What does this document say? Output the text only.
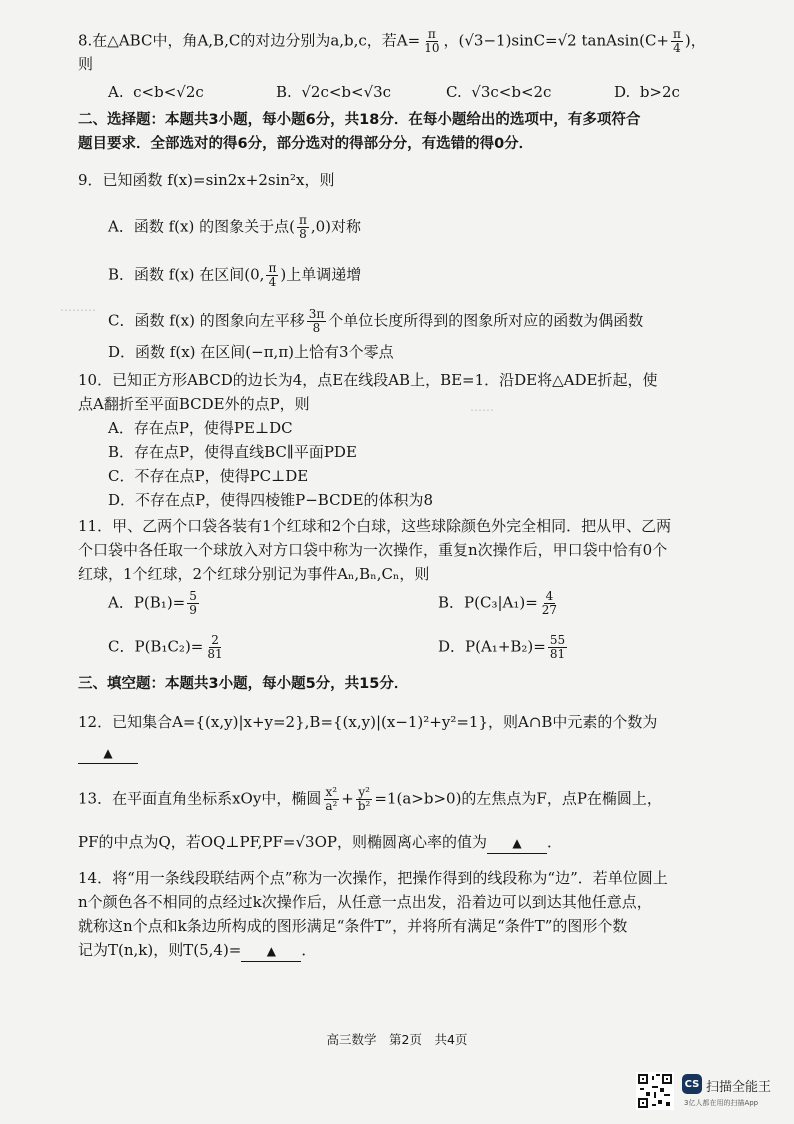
………
……
8.在△ABC中，角A,B,C的对边分别为a,b,c，若$A= \frac{\pi}{10}$ ，(√3−1)sinC=√2 tanAsin(C+ $\frac{\pi}{4}$ )，
则
A. c<b<√2c	B. √2c<b<√3c	C. √3c<b<2c	D. b>2c
二、选择题：本题共3小题，每小题6分，共18分．在每小题给出的选项中，有多项符合
题目要求．全部选对的得6分，部分选对的得部分分，有选错的得0分．
9．已知函数 f(x)=sin2x+2sin²x，则
A．函数 f(x) 的图象关于点( $\frac{\pi}{8} ,0$)对称
B．函数 f(x) 在区间(0, $\frac{\pi}{4}$ )上单调递增
C．函数 f(x) 的图象向左平移 $\frac{3\pi}{8}$ 个单位长度所得到的图象所对应的函数为偶函数
D．函数 f(x) 在区间(−π,π)上恰有3个零点
10．已知正方形ABCD的边长为4，点E在线段AB上，BE=1．沿DE将△ADE折起，使
点A翻折至平面BCDE外的点P，则
A．存在点P，使得PE⊥DC
B．存在点P，使得直线BC∥平面PDE
C．不存在点P，使得PC⊥DE
D．不存在点P，使得四棱锥P−BCDE的体积为8
11．甲、乙两个口袋各装有1个红球和2个白球，这些球除颜色外完全相同．把从甲、乙两
个口袋中各任取一个球放入对方口袋中称为一次操作，重复n次操作后，甲口袋中恰有0个
红球，1个红球，2个红球分别记为事件Aₙ,Bₙ,Cₙ，则
A．$P(B_1)= \frac{5}{9}$	B．$P(C_3|A_1)= \frac{4}{27}$
C．$P(B_1C_2)= \frac{2}{81}$	D．$P(A_1+B_2)= \frac{55}{81}$
三、填空题：本题共3小题，每小题5分，共15分．
12．已知集合A={(x,y)|x+y=2},B={(x,y)|(x−1)²+y²=1}，则A∩B中元素的个数为
▲
13．在平面直角坐标系xOy中，椭圆 $\frac{\text{x²}}{\text{a²}} + \frac{\text{y²}}{\text{b²}} =1(a>b>0)$的左焦点为F，点P在椭圆上，
PF的中点为Q，若OQ⊥PF,PF=√3OP，则椭圆离心率的值为 ▲ ．
14．将“用一条线段联结两个点”称为一次操作，把操作得到的线段称为“边”．若单位圆上
n个颜色各不相同的点经过k次操作后，从任意一点出发，沿着边可以到达其他任意点，
就称这n个点和k条边所构成的图形满足“条件T”，并将所有满足“条件T”的图形个数
记为T(n,k)，则T(5,4)= ▲ ．
高三数学　第2页　共4页
CS 扫描全能王
3亿人都在用的扫描App
